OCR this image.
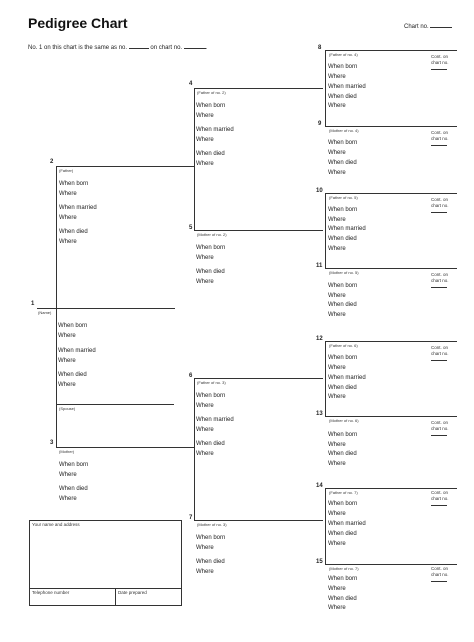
Pedigree Chart	Chart no.
No. 1 on this chart is the same as no.	on chart no.	.
1
(Name)
When born
Where
When married
Where
When died
Where
(Spouse)
2
(Father)
When born
Where
When married
Where
When died
Where
3
(Mother)
When born
Where
When died
Where
4
(Father of no. 2)
When born
Where
When married
Where
When died
Where
5
(Mother of no. 2)
When born
Where
When died
Where
6
(Father of no. 3)
When born
Where
When married
Where
When died
Where
7
(Mother of no. 3)
When born
Where
When died
Where
8
(Father of no. 4)
When born
Where
When married
When died
Where
Cont. on chart no.
9
(Mother of no. 4)
When born
Where
When died
Where
Cont. on chart no.
10
(Father of no. 5)
When born
Where
When married
When died
Where
Cont. on chart no.
11
(Mother of no. 5)
When born
Where
When died
Where
Cont. on chart no.
12
(Father of no. 6)
When born
Where
When married
When died
Where
Cont. on chart no.
13
(Mother of no. 6)
When born
Where
When died
Where
Cont. on chart no.
14
(Father of no. 7)
When born
Where
When married
When died
Where
Cont. on chart no.
15
(Mother of no. 7)
When born
Where
When died
Where
Cont. on chart no.
Your name and address
Telephone number	Date prepared
